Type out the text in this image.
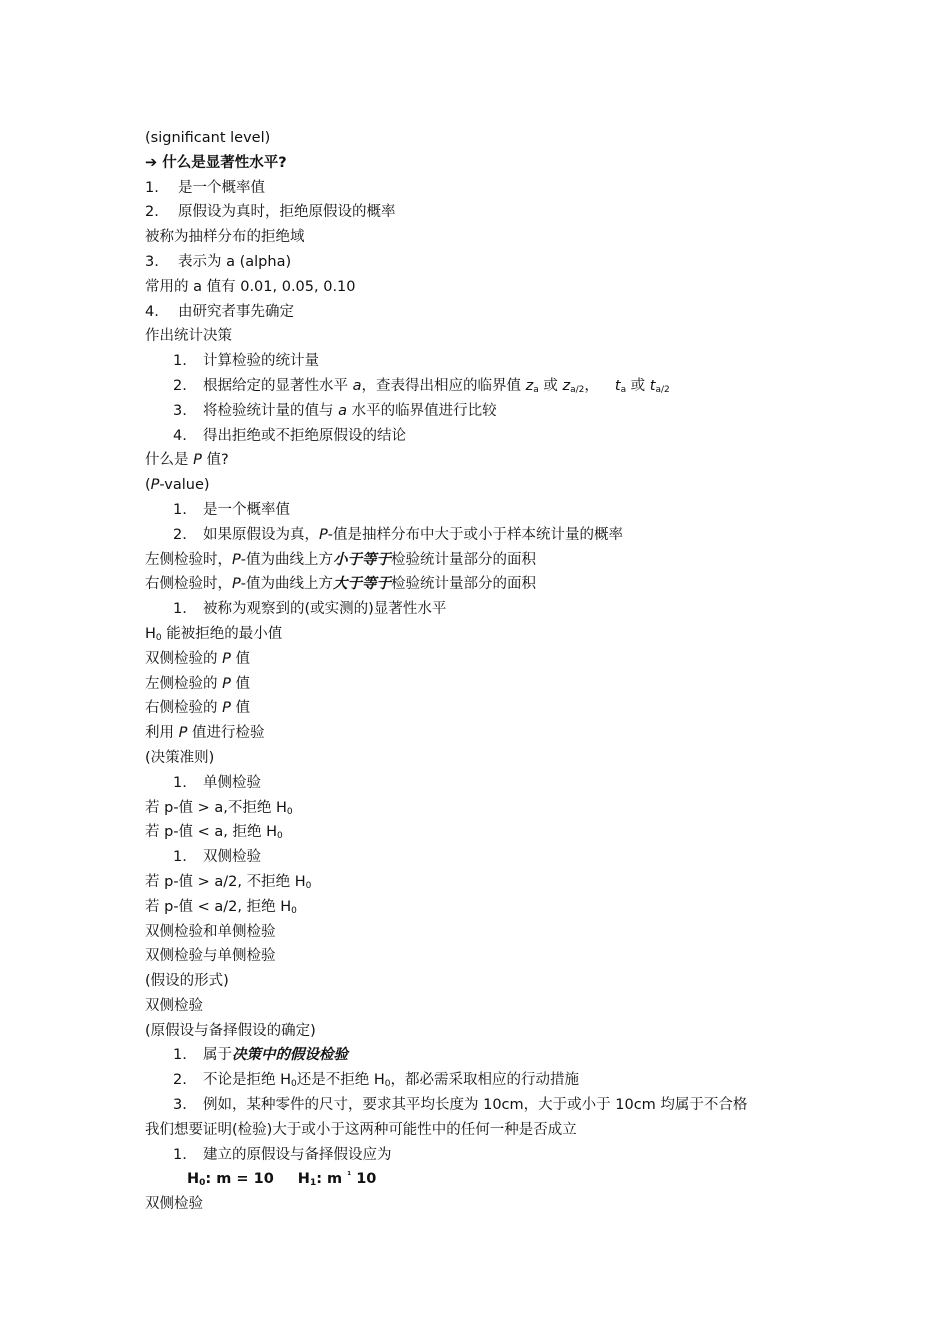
(significant level)
➔ 什么是显著性水平?
1. 是一个概率值
2. 原假设为真时，拒绝原假设的概率
被称为抽样分布的拒绝域
3. 表示为 a (alpha)
常用的 a 值有 0.01, 0.05, 0.10
4. 由研究者事先确定
作出统计决策
1. 计算检验的统计量
2. 根据给定的显著性水平 a，查表得出相应的临界值 $z_a$ 或 $z_{a/2}$， $t_a$ 或 $t_{a/2}$
3. 将检验统计量的值与 a 水平的临界值进行比较
4. 得出拒绝或不拒绝原假设的结论
什么是 P 值?
(P-value)
1. 是一个概率值
2. 如果原假设为真，P-值是抽样分布中大于或小于样本统计量的概率
左侧检验时，P-值为曲线上方小于等于检验统计量部分的面积
右侧检验时，P-值为曲线上方大于等于检验统计量部分的面积
1. 被称为观察到的(或实测的)显著性水平
$H_0$ 能被拒绝的最小值
双侧检验的 P 值
左侧检验的 P 值
右侧检验的 P 值
利用 P 值进行检验
(决策准则)
1. 单侧检验
若 p-值 > a,不拒绝 $H_0$
若 p-值 < a, 拒绝 $H_0$
1. 双侧检验
若 p-值 > a/2, 不拒绝 $H_0$
若 p-值 < a/2, 拒绝 $H_0$
双侧检验和单侧检验
双侧检验与单侧检验
(假设的形式)
双侧检验
(原假设与备择假设的确定)
1. 属于决策中的假设检验
2. 不论是拒绝 $H_0$还是不拒绝 $H_0$，都必需采取相应的行动措施
3. 例如，某种零件的尺寸，要求其平均长度为 10cm，大于或小于 10cm 均属于不合格
我们想要证明(检验)大于或小于这两种可能性中的任何一种是否成立
1. 建立的原假设与备择假设应为
$H_0$: m = 10 $H_1$: m $^{^1}$ 10
双侧检验
